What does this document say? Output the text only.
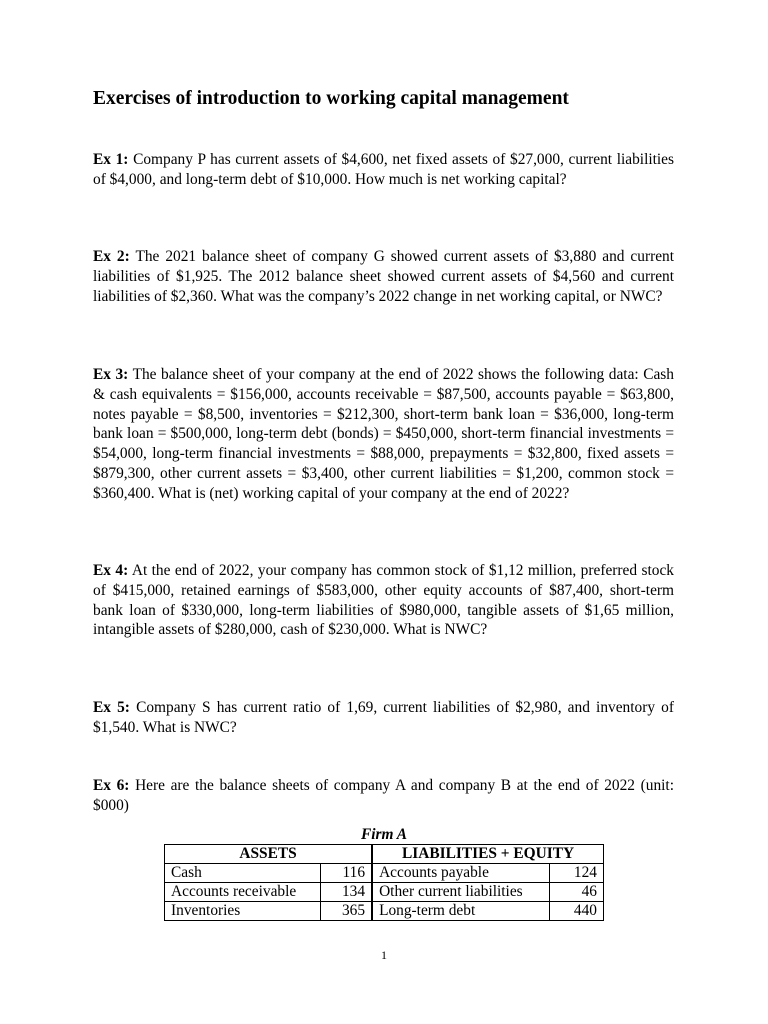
Exercises of introduction to working capital management

Ex 1: Company P has current assets of $4,600, net fixed assets of $27,000, current liabilities of $4,000, and long-term debt of $10,000. How much is net working capital?

Ex 2: The 2021 balance sheet of company G showed current assets of $3,880 and current liabilities of $1,925. The 2012 balance sheet showed current assets of $4,560 and current liabilities of $2,360. What was the company’s 2022 change in net working capital, or NWC?

Ex 3: The balance sheet of your company at the end of 2022 shows the following data: Cash & cash equivalents = $156,000, accounts receivable = $87,500, accounts payable = $63,800, notes payable = $8,500, inventories = $212,300, short-term bank loan = $36,000, long-term bank loan = $500,000, long-term debt (bonds) = $450,000, short-term financial investments = $54,000, long-term financial investments = $88,000, prepayments = $32,800, fixed assets = $879,300, other current assets = $3,400, other current liabilities = $1,200, common stock = $360,400. What is (net) working capital of your company at the end of 2022?

Ex 4: At the end of 2022, your company has common stock of $1,12 million, preferred stock of $415,000, retained earnings of $583,000, other equity accounts of $87,400, short-term bank loan of $330,000, long-term liabilities of $980,000, tangible assets of $1,65 million, intangible assets of $280,000, cash of $230,000. What is NWC?

Ex 5: Company S has current ratio of 1,69, current liabilities of $2,980, and inventory of $1,540. What is NWC?

Ex 6: Here are the balance sheets of company A and company B at the end of 2022 (unit: $000)

Firm A
ASSETS		LIABILITIES + EQUITY	
Cash	116	Accounts payable	124
Accounts receivable	134	Other current liabilities	46
Inventories	365	Long-term debt	440
1
